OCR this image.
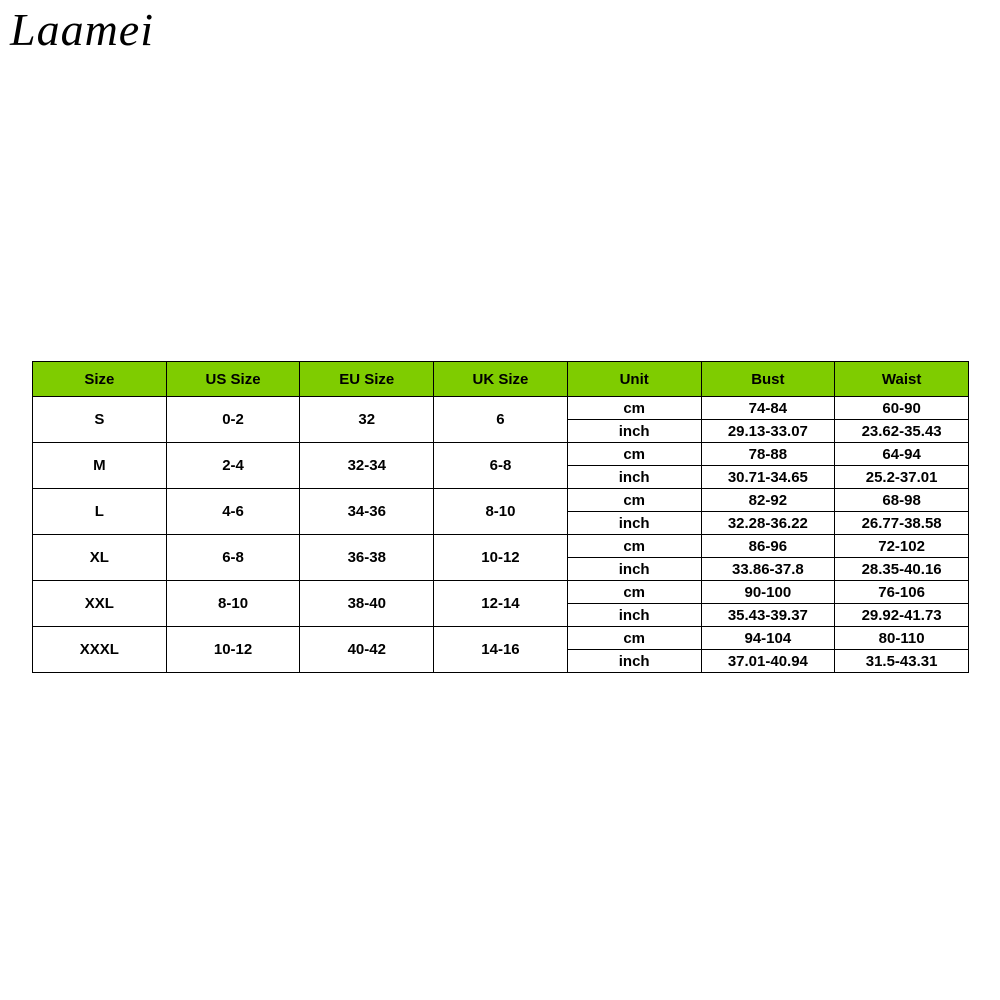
Laamei
Size	US Size	EU Size	UK Size	Unit	Bust	Waist
S	0-2	32	6	cm	74-84	60-90
				inch	29.13-33.07	23.62-35.43
M	2-4	32-34	6-8	cm	78-88	64-94
				inch	30.71-34.65	25.2-37.01
L	4-6	34-36	8-10	cm	82-92	68-98
				inch	32.28-36.22	26.77-38.58
XL	6-8	36-38	10-12	cm	86-96	72-102
				inch	33.86-37.8	28.35-40.16
XXL	8-10	38-40	12-14	cm	90-100	76-106
				inch	35.43-39.37	29.92-41.73
XXXL	10-12	40-42	14-16	cm	94-104	80-110
				inch	37.01-40.94	31.5-43.31
